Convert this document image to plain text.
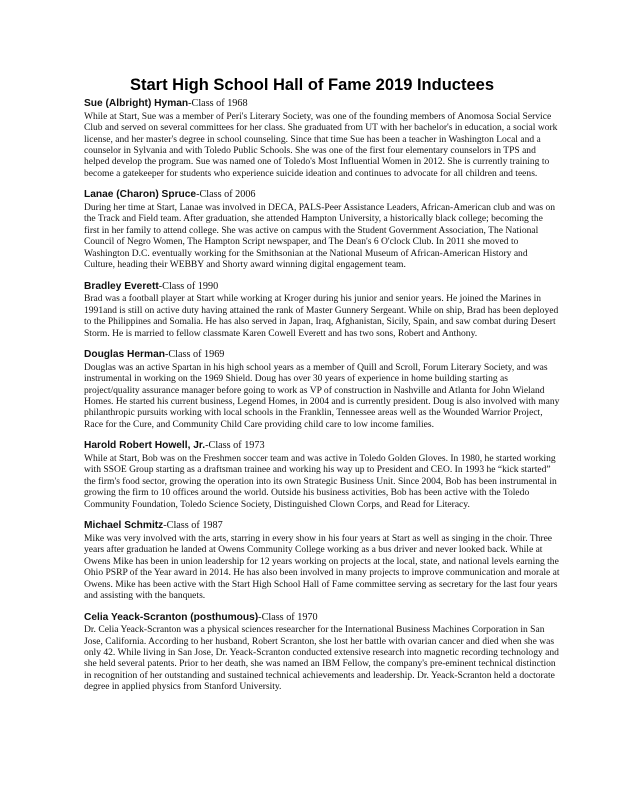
Start High School Hall of Fame 2019 Inductees
Sue (Albright) Hyman-Class of 1968

While at Start, Sue was a member of Peri's Literary Society, was one of the founding members of Anomosa Social Service Club and served on several committees for her class. She graduated from UT with her bachelor's in education, a social work license, and her master's degree in school counseling. Since that time Sue has been a teacher in Washington Local and a counselor in Sylvania and with Toledo Public Schools. She was one of the first four elementary counselors in TPS and helped develop the program. Sue was named one of Toledo's Most Influential Women in 2012. She is currently training to become a gatekeeper for students who experience suicide ideation and continues to advocate for all children and teens.

Lanae (Charon) Spruce-Class of 2006

During her time at Start, Lanae was involved in DECA, PALS-Peer Assistance Leaders, African-American club and was on the Track and Field team. After graduation, she attended Hampton University, a historically black college; becoming the first in her family to attend college. She was active on campus with the Student Government Association, The National Council of Negro Women, The Hampton Script newspaper, and The Dean's 6 O'clock Club. In 2011 she moved to Washington D.C. eventually working for the Smithsonian at the National Museum of African-American History and Culture, heading their WEBBY and Shorty award winning digital engagement team.

Bradley Everett-Class of 1990

Brad was a football player at Start while working at Kroger during his junior and senior years. He joined the Marines in 1991and is still on active duty having attained the rank of Master Gunnery Sergeant. While on ship, Brad has been deployed to the Philippines and Somalia. He has also served in Japan, Iraq, Afghanistan, Sicily, Spain, and saw combat during Desert Storm. He is married to fellow classmate Karen Cowell Everett and has two sons, Robert and Anthony.

Douglas Herman-Class of 1969

Douglas was an active Spartan in his high school years as a member of Quill and Scroll, Forum Literary Society, and was instrumental in working on the 1969 Shield. Doug has over 30 years of experience in home building starting as project/quality assurance manager before going to work as VP of construction in Nashville and Atlanta for John Wieland Homes. He started his current business, Legend Homes, in 2004 and is currently president. Doug is also involved with many philanthropic pursuits working with local schools in the Franklin, Tennessee areas well as the Wounded Warrior Project, Race for the Cure, and Community Child Care providing child care to low income families.

Harold Robert Howell, Jr.-Class of 1973

While at Start, Bob was on the Freshmen soccer team and was active in Toledo Golden Gloves. In 1980, he started working with SSOE Group starting as a draftsman trainee and working his way up to President and CEO. In 1993 he “kick started” the firm's food sector, growing the operation into its own Strategic Business Unit. Since 2004, Bob has been instrumental in growing the firm to 10 offices around the world. Outside his business activities, Bob has been active with the Toledo Community Foundation, Toledo Science Society, Distinguished Clown Corps, and Read for Literacy.

Michael Schmitz-Class of 1987

Mike was very involved with the arts, starring in every show in his four years at Start as well as singing in the choir. Three years after graduation he landed at Owens Community College working as a bus driver and never looked back. While at Owens Mike has been in union leadership for 12 years working on projects at the local, state, and national levels earning the Ohio PSRP of the Year award in 2014. He has also been involved in many projects to improve communication and morale at Owens. Mike has been active with the Start High School Hall of Fame committee serving as secretary for the last four years and assisting with the banquets.

Celia Yeack-Scranton (posthumous)-Class of 1970

Dr. Celia Yeack-Scranton was a physical sciences researcher for the International Business Machines Corporation in San Jose, California. According to her husband, Robert Scranton, she lost her battle with ovarian cancer and died when she was only 42. While living in San Jose, Dr. Yeack-Scranton conducted extensive research into magnetic recording technology and she held several patents. Prior to her death, she was named an IBM Fellow, the company's pre-eminent technical distinction in recognition of her outstanding and sustained technical achievements and leadership. Dr. Yeack-Scranton held a doctorate degree in applied physics from Stanford University.
